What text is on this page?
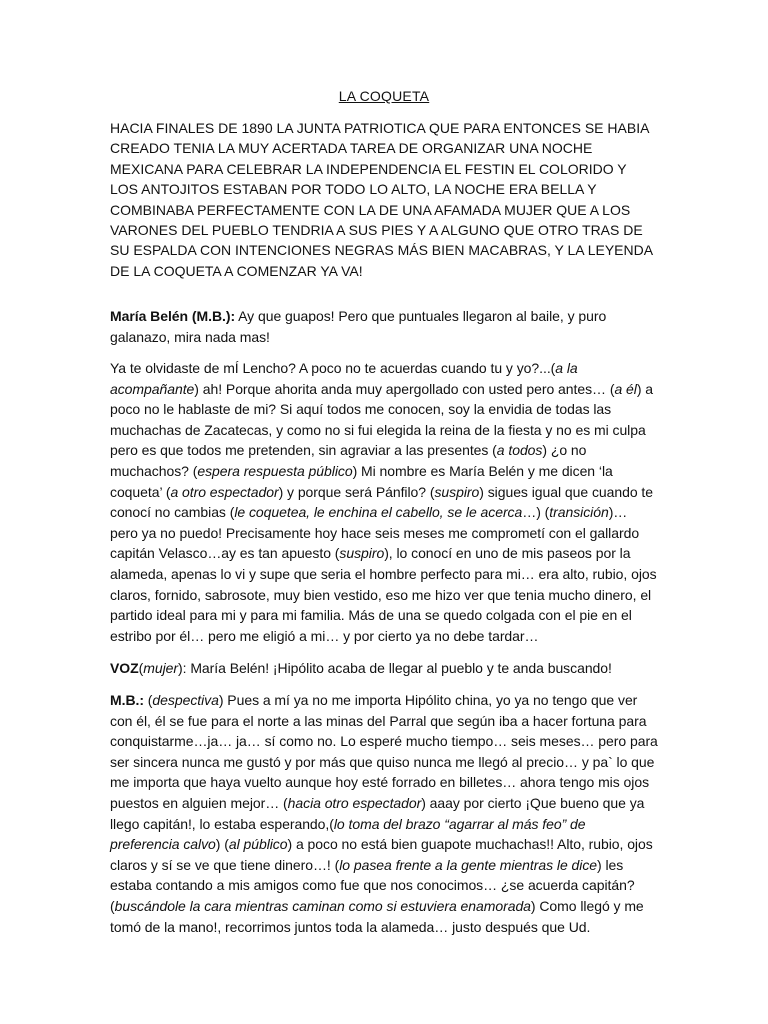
LA COQUETA

HACIA FINALES DE 1890 LA JUNTA PATRIOTICA QUE PARA ENTONCES SE HABIA CREADO TENIA LA MUY ACERTADA TAREA DE ORGANIZAR UNA NOCHE MEXICANA PARA CELEBRAR LA INDEPENDENCIA EL FESTIN EL COLORIDO Y LOS ANTOJITOS ESTABAN POR TODO LO ALTO, LA NOCHE ERA BELLA Y COMBINABA PERFECTAMENTE CON LA DE UNA AFAMADA MUJER QUE A LOS VARONES DEL PUEBLO TENDRIA A SUS PIES Y A ALGUNO QUE OTRO TRAS DE SU ESPALDA CON INTENCIONES NEGRAS MÁS BIEN MACABRAS, Y LA LEYENDA DE LA COQUETA A COMENZAR YA VA!

María Belén (M.B.): Ay que guapos! Pero que puntuales llegaron al baile, y puro galanazo, mira nada mas!

Ya te olvidaste de mÍ Lencho? A poco no te acuerdas cuando tu y yo?...(a la acompañante) ah! Porque ahorita anda muy apergollado con usted pero antes… (a él) a poco no le hablaste de mi? Si aquí todos me conocen, soy la envidia de todas las muchachas de Zacatecas, y como no si fui elegida la reina de la fiesta y no es mi culpa pero es que todos me pretenden, sin agraviar a las presentes (a todos) ¿o no muchachos? (espera respuesta público) Mi nombre es María Belén y me dicen ‘la coqueta’ (a otro espectador) y porque será Pánfilo? (suspiro) sigues igual que cuando te conocí no cambias (le coquetea, le enchina el cabello, se le acerca…) (transición)… pero ya no puedo! Precisamente hoy hace seis meses me comprometí con el gallardo capitán Velasco…ay es tan apuesto (suspiro), lo conocí en uno de mis paseos por la alameda, apenas lo vi y supe que seria el hombre perfecto para mi… era alto, rubio, ojos claros, fornido, sabrosote, muy bien vestido, eso me hizo ver que tenia mucho dinero, el partido ideal para mi y para mi familia. Más de una se quedo colgada con el pie en el estribo por él… pero me eligió a mi… y por cierto ya no debe tardar…

VOZ(mujer): María Belén! ¡Hipólito acaba de llegar al pueblo y te anda buscando!

M.B.: (despectiva) Pues a mí ya no me importa Hipólito china, yo ya no tengo que ver con él, él se fue para el norte a las minas del Parral que según iba a hacer fortuna para conquistarme…ja… ja… sí como no. Lo esperé mucho tiempo… seis meses… pero para ser sincera nunca me gustó y por más que quiso nunca me llegó al precio… y pa` lo que me importa que haya vuelto aunque hoy esté forrado en billetes… ahora tengo mis ojos puestos en alguien mejor… (hacia otro espectador) aaay por cierto ¡Que bueno que ya llego capitán!, lo estaba esperando,(lo toma del brazo “agarrar al más feo” de preferencia calvo) (al público) a poco no está bien guapote muchachas!! Alto, rubio, ojos claros y sí se ve que tiene dinero…! (lo pasea frente a la gente mientras le dice) les estaba contando a mis amigos como fue que nos conocimos… ¿se acuerda capitán? (buscándole la cara mientras caminan como si estuviera enamorada) Como llegó y me tomó de la mano!, recorrimos juntos toda la alameda… justo después que Ud.
